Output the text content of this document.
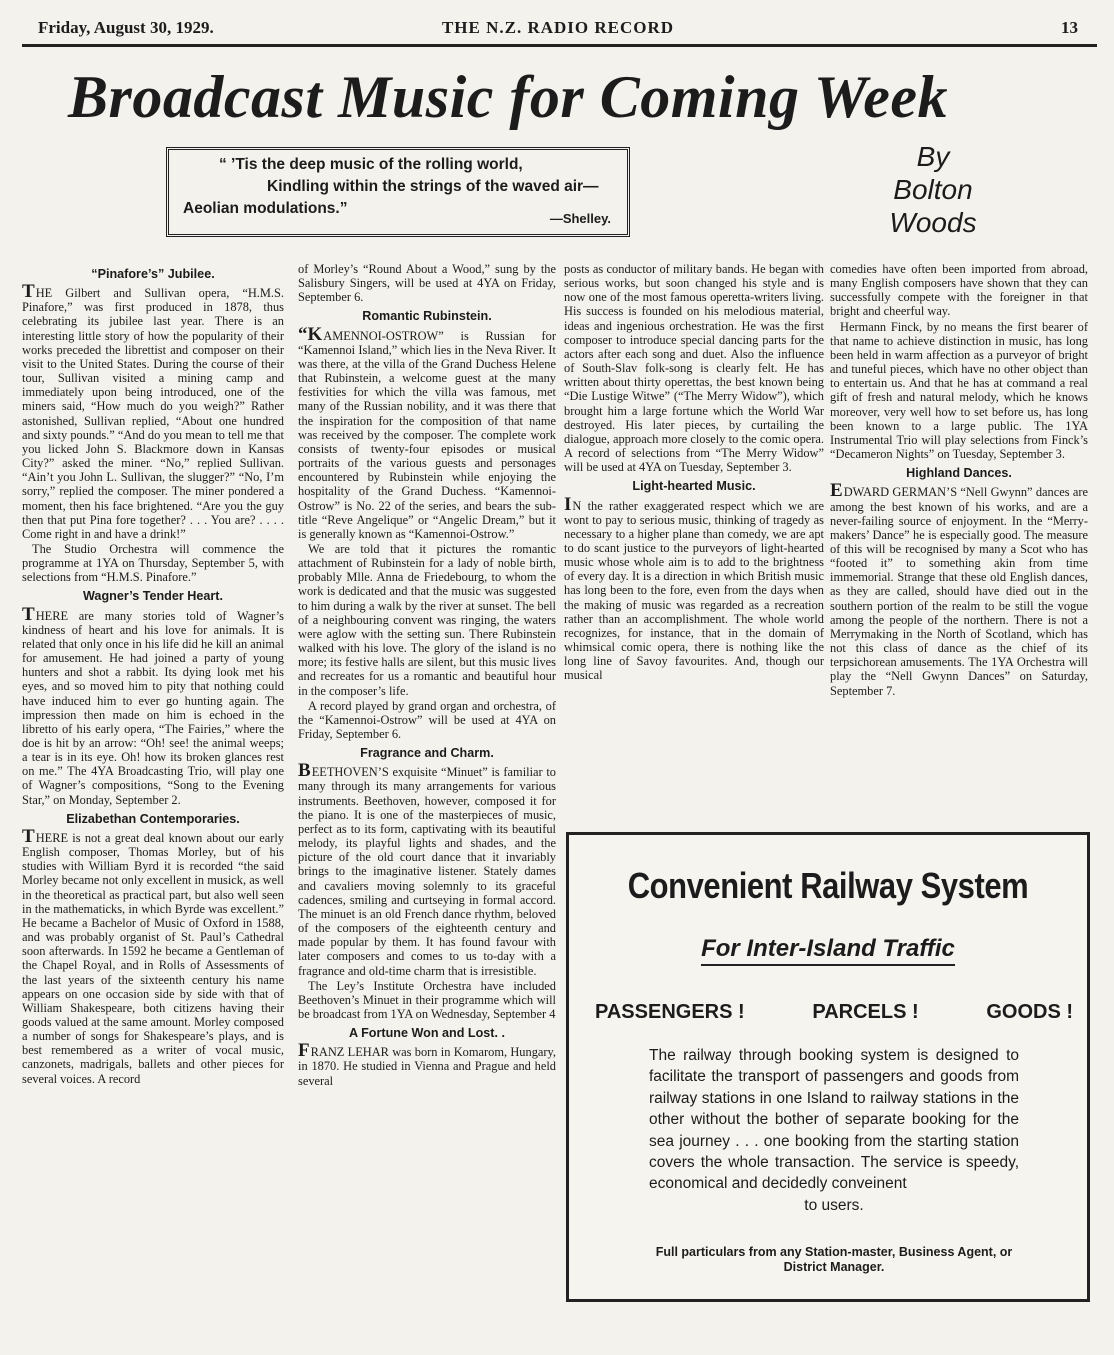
Friday, August 30, 1929.	THE N.Z. RADIO RECORD	13
Broadcast Music for Coming Week
“ ’Tis the deep music of the rolling world,
Kindling within the strings of the waved air—
Aeolian modulations.”
—Shelley.
By
Bolton
Woods
“Pinafore’s” Jubilee.

THE Gilbert and Sullivan opera, “H.M.S. Pinafore,” was first produced in 1878, thus celebrating its jubilee last year. There is an interesting little story of how the popularity of their works preceded the librettist and composer on their visit to the United States. During the course of their tour, Sullivan visited a mining camp and immediately upon being introduced, one of the miners said, “How much do you weigh?” Rather astonished, Sullivan replied, “About one hundred and sixty pounds.” “And do you mean to tell me that you licked John S. Blackmore down in Kansas City?” asked the miner. “No,” replied Sullivan. “Ain’t you John L. Sullivan, the slugger?” “No, I’m sorry,” replied the composer. The miner pondered a moment, then his face brightened. “Are you the guy then that put Pina fore together? . . . You are? . . . . Come right in and have a drink!”

The Studio Orchestra will commence the programme at 1YA on Thursday, September 5, with selections from “H.M.S. Pinafore.”

Wagner’s Tender Heart.

THERE are many stories told of Wagner’s kindness of heart and his love for animals. It is related that only once in his life did he kill an animal for amusement. He had joined a party of young hunters and shot a rabbit. Its dying look met his eyes, and so moved him to pity that nothing could have induced him to ever go hunting again. The impression then made on him is echoed in the libretto of his early opera, “The Fairies,” where the doe is hit by an arrow: “Oh! see! the animal weeps; a tear is in its eye. Oh! how its broken glances rest on me.” The 4YA Broadcasting Trio, will play one of Wagner’s compositions, “Song to the Evening Star,” on Monday, September 2.

Elizabethan Contemporaries.

THERE is not a great deal known about our early English composer, Thomas Morley, but of his studies with William Byrd it is recorded “the said Morley became not only excellent in musick, as well in the theoretical as practical part, but also well seen in the mathematicks, in which Byrde was excellent.” He became a Bachelor of Music of Oxford in 1588, and was probably organist of St. Paul’s Cathedral soon afterwards. In 1592 he became a Gentleman of the Chapel Royal, and in Rolls of Assessments of the last years of the sixteenth century his name appears on one occasion side by side with that of William Shakespeare, both citizens having their goods valued at the same amount. Morley composed a number of songs for Shakespeare’s plays, and is best remembered as a writer of vocal music, canzonets, madrigals, ballets and other pieces for several voices. A record

of Morley’s “Round About a Wood,” sung by the Salisbury Singers, will be used at 4YA on Friday, September 6.

Romantic Rubinstein.

“KAMENNOI-OSTROW” is Russian for “Kamennoi Island,” which lies in the Neva River. It was there, at the villa of the Grand Duchess Helene that Rubinstein, a welcome guest at the many festivities for which the villa was famous, met many of the Russian nobility, and it was there that the inspiration for the composition of that name was received by the composer. The complete work consists of twenty-four episodes or musical portraits of the various guests and personages encountered by Rubinstein while enjoying the hospitality of the Grand Duchess. “Kamennoi-Ostrow” is No. 22 of the series, and bears the sub-title “Reve Angelique” or “Angelic Dream,” but it is generally known as “Kamennoi-Ostrow.”

We are told that it pictures the romantic attachment of Rubinstein for a lady of noble birth, probably Mlle. Anna de Friedebourg, to whom the work is dedicated and that the music was suggested to him during a walk by the river at sunset. The bell of a neighbouring convent was ringing, the waters were aglow with the setting sun. There Rubinstein walked with his love. The glory of the island is no more; its festive halls are silent, but this music lives and recreates for us a romantic and beautiful hour in the composer’s life.

A record played by grand organ and orchestra, of the “Kamennoi-Ostrow” will be used at 4YA on Friday, September 6.

Fragrance and Charm.

BEETHOVEN’S exquisite “Minuet” is familiar to many through its many arrangements for various instruments. Beethoven, however, composed it for the piano. It is one of the masterpieces of music, perfect as to its form, captivating with its beautiful melody, its playful lights and shades, and the picture of the old court dance that it invariably brings to the imaginative listener. Stately dames and cavaliers moving solemnly to its graceful cadences, smiling and curtseying in formal accord. The minuet is an old French dance rhythm, beloved of the composers of the eighteenth century and made popular by them. It has found favour with later composers and comes to us to-day with a fragrance and old-time charm that is irresistible.

The Ley’s Institute Orchestra have included Beethoven’s Minuet in their programme which will be broadcast from 1YA on Wednesday, September 4

A Fortune Won and Lost. .

FRANZ LEHAR was born in Komarom, Hungary, in 1870. He studied in Vienna and Prague and held several

posts as conductor of military bands. He began with serious works, but soon changed his style and is now one of the most famous operetta-writers living. His success is founded on his melodious material, ideas and ingenious orchestration. He was the first composer to introduce special dancing parts for the actors after each song and duet. Also the influence of South-Slav folk-song is clearly felt. He has written about thirty operettas, the best known being “Die Lustige Witwe” (“The Merry Widow”), which brought him a large fortune which the World War destroyed. His later pieces, by curtailing the dialogue, approach more closely to the comic opera. A record of selections from “The Merry Widow” will be used at 4YA on Tuesday, September 3.

Light-hearted Music.

IN the rather exaggerated respect which we are wont to pay to serious music, thinking of tragedy as necessary to a higher plane than comedy, we are apt to do scant justice to the purveyors of light-hearted music whose whole aim is to add to the brightness of every day. It is a direction in which British music has long been to the fore, even from the days when the making of music was regarded as a recreation rather than an accomplishment. The whole world recognizes, for instance, that in the domain of whimsical comic opera, there is nothing like the long line of Savoy favourites. And, though our musical

comedies have often been imported from abroad, many English composers have shown that they can successfully compete with the foreigner in that bright and cheerful way.

Hermann Finck, by no means the first bearer of that name to achieve distinction in music, has long been held in warm affection as a purveyor of bright and tuneful pieces, which have no other object than to entertain us. And that he has at command a real gift of fresh and natural melody, which he knows moreover, very well how to set before us, has long been known to a large public. The 1YA Instrumental Trio will play selections from Finck’s “Decameron Nights” on Tuesday, September 3.

Highland Dances.

EDWARD GERMAN’S “Nell Gwynn” dances are among the best known of his works, and are a never-failing source of enjoyment. In the “Merry-makers’ Dance” he is especially good. The measure of this will be recognised by many a Scot who has “footed it” to something akin from time immemorial. Strange that these old English dances, as they are called, should have died out in the southern portion of the realm to be still the vogue among the people of the northern. There is not a Merrymaking in the North of Scotland, which has not this class of dance as the chief of its terpsichorean amusements. The 1YA Orchestra will play the “Nell Gwynn Dances” on Saturday, September 7.

Convenient Railway System
For Inter-Island Traffic
PASSENGERS !	PARCELS !	GOODS !
The railway through booking system is designed to facilitate the transport of passengers and goods from railway stations in one Island to railway stations in the other without the bother of separate booking for the sea journey . . . one booking from the starting station covers the whole transaction. The service is speedy, economical and decidedly conveinent
to users.
Full particulars from any Station-master, Business Agent, or District Manager.
